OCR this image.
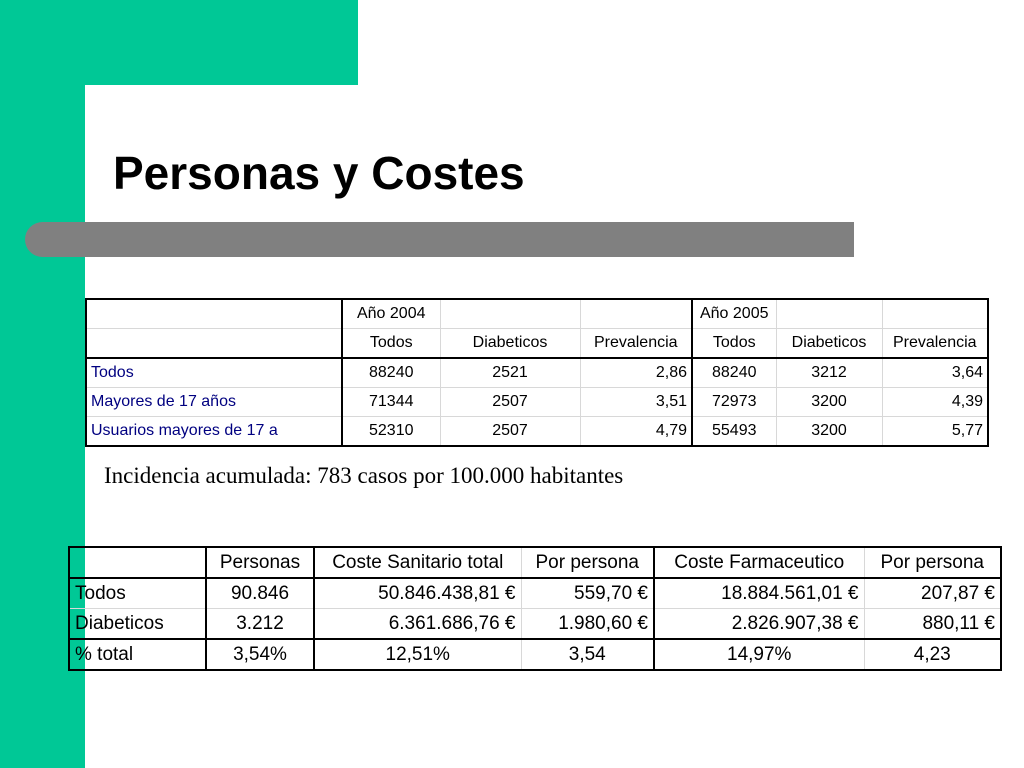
Personas y Costes
	Año 2004			Año 2005		
	Todos	Diabeticos	Prevalencia	Todos	Diabeticos	Prevalencia
Todos	88240	2521	2,86	88240	3212	3,64
Mayores de 17 años	71344	2507	3,51	72973	3200	4,39
Usuarios mayores de 17 a	52310	2507	4,79	55493	3200	5,77
Incidencia acumulada: 783 casos por 100.000 habitantes
	Personas	Coste Sanitario total	Por persona	Coste Farmaceutico	Por persona
Todos	90.846	50.846.438,81 €	559,70 €	18.884.561,01 €	207,87 €
Diabeticos	3.212	6.361.686,76 €	1.980,60 €	2.826.907,38 €	880,11 €
% total	3,54%	12,51%	3,54	14,97%	4,23
